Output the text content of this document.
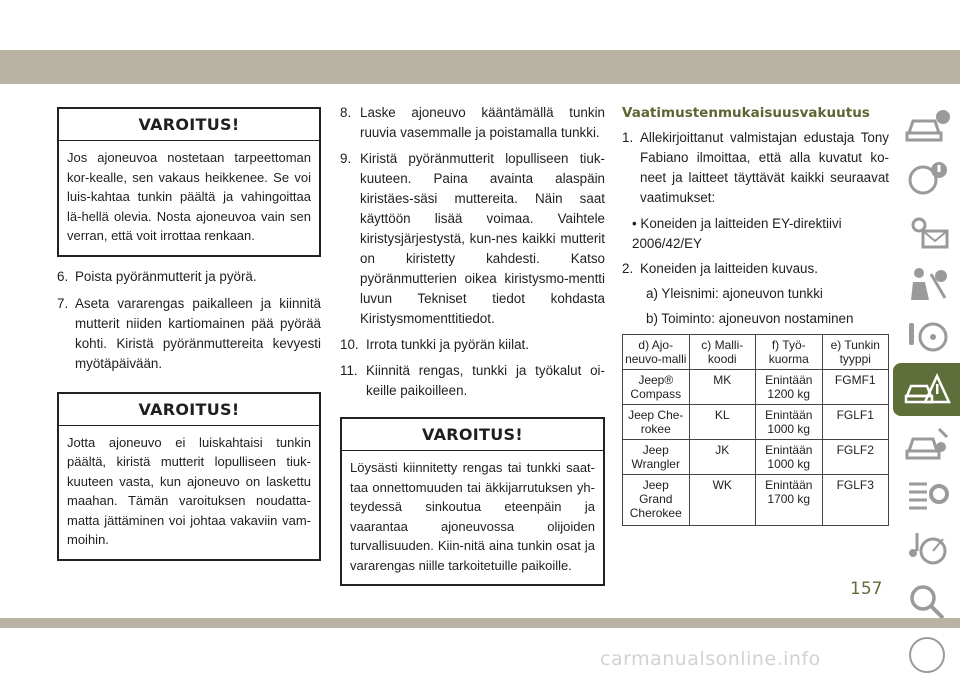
VAROITUS!
Jos ajoneuvoa nostetaan tarpeettoman kor-kealle, sen vakaus heikkenee. Se voi luis-kahtaa tunkin päältä ja vahingoittaa lä-hellä olevia. Nosta ajoneuvoa vain sen verran, että voit irrottaa renkaan.
6. Poista pyöränmutterit ja pyörä.
7. Aseta vararengas paikalleen ja kiinnitä mutterit niiden kartiomainen pää pyörää kohti. Kiristä pyöränmuttereita kevyesti myötäpäivään.
VAROITUS!
Jotta ajoneuvo ei luiskahtaisi tunkin päältä, kiristä mutterit lopulliseen tiuk-kuuteen vasta, kun ajoneuvo on laskettu maahan. Tämän varoituksen noudatta-matta jättäminen voi johtaa vakaviin vam-moihin.
8. Laske ajoneuvo kääntämällä tunkin ruuvia vasemmalle ja poistamalla tunkki.
9. Kiristä pyöränmutterit lopulliseen tiuk-kuuteen. Paina avainta alaspäin kiristäes-säsi muttereita. Näin saat käyttöön lisää voimaa. Vaihtele kiristysjärjestystä, kun-nes kaikki mutterit on kiristetty kahdesti. Katso pyöränmutterien oikea kiristysmo-mentti luvun Tekniset tiedot kohdasta Kiristysmomenttitiedot.
10. Irrota tunkki ja pyörän kiilat.
11. Kiinnitä rengas, tunkki ja työkalut oi-keille paikoilleen.
VAROITUS!
Löysästi kiinnitetty rengas tai tunkki saat-taa onnettomuuden tai äkkijarrutuksen yh-teydessä sinkoutua eteenpäin ja vaarantaa ajoneuvossa olijoiden turvallisuuden. Kiin-nitä aina tunkin osat ja vararengas niille tarkoitetuille paikoille.
Vaatimustenmukaisuusvakuutus
1. Allekirjoittanut valmistajan edustaja Tony Fabiano ilmoittaa, että alla kuvatut ko-neet ja laitteet täyttävät kaikki seuraavat vaatimukset:
• Koneiden ja laitteiden EY-direktiivi 2006/42/EY
2. Koneiden ja laitteiden kuvaus.
a) Yleisnimi: ajoneuvon tunkki
b) Toiminto: ajoneuvon nostaminen
d) Ajo-neuvo-malli	c) Malli-koodi	f) Työ-kuorma	e) Tunkin tyyppi
Jeep® Compass	MK	Enintään 1200 kg	FGMF1
Jeep Che-rokee	KL	Enintään 1000 kg	FGLF1
Jeep Wrangler	JK	Enintään 1000 kg	FGLF2
Jeep Grand Cherokee	WK	Enintään 1700 kg	FGLF3
157
carmanualsonline.info
